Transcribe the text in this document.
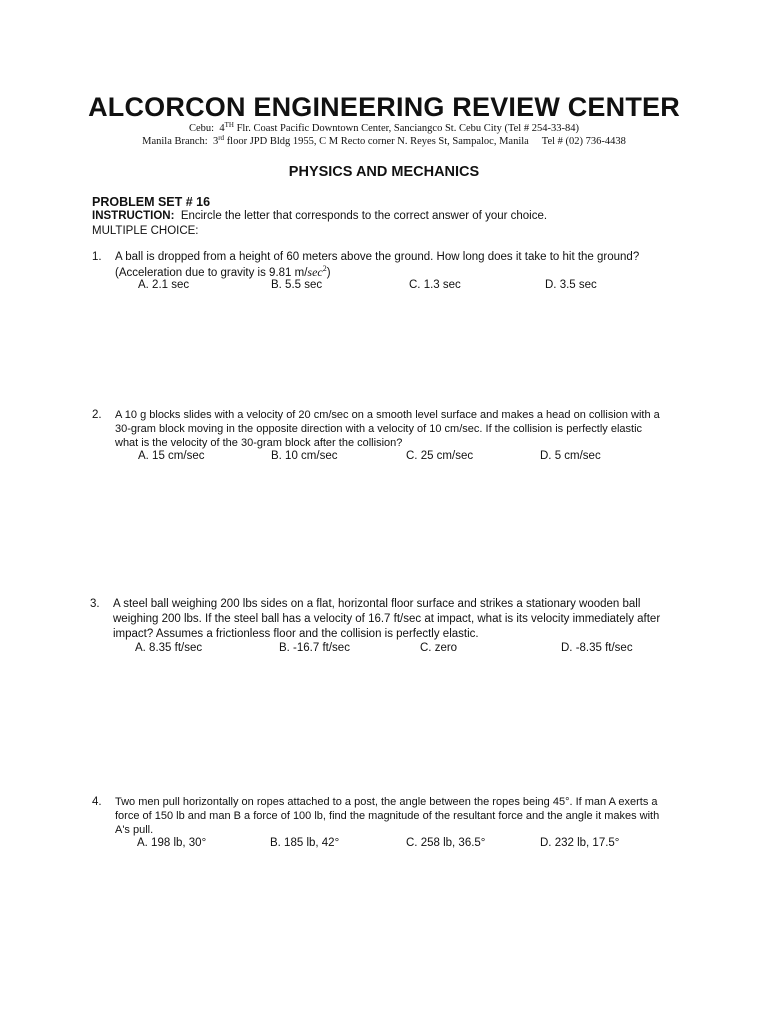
ALCORCON ENGINEERING REVIEW CENTER
Cebu: 4TH Flr. Coast Pacific Downtown Center, Sanciangco St. Cebu City (Tel # 254-33-84)
Manila Branch: 3rd floor JPD Bldg 1955, C M Recto corner N. Reyes St, Sampaloc, Manila Tel # (02) 736-4438
PHYSICS AND MECHANICS
PROBLEM SET # 16
INSTRUCTION: Encircle the letter that corresponds to the correct answer of your choice.
MULTIPLE CHOICE:
1. A ball is dropped from a height of 60 meters above the ground. How long does it take to hit the ground?
(Acceleration due to gravity is 9.81 $m/\sec^2$)
A. 2.1 sec	B. 5.5 sec	C. 1.3 sec	D. 3.5 sec
2. A 10 g blocks slides with a velocity of 20 cm/sec on a smooth level surface and makes a head on collision with a
30-gram block moving in the opposite direction with a velocity of 10 cm/sec. If the collision is perfectly elastic
what is the velocity of the 30-gram block after the collision?
A. 15 cm/sec	B. 10 cm/sec	C. 25 cm/sec	D. 5 cm/sec
3. A steel ball weighing 200 lbs sides on a flat, horizontal floor surface and strikes a stationary wooden ball
weighing 200 lbs. If the steel ball has a velocity of 16.7 ft/sec at impact, what is its velocity immediately after
impact? Assumes a frictionless floor and the collision is perfectly elastic.
A. 8.35 ft/sec	B. -16.7 ft/sec	C. zero	D. -8.35 ft/sec
4. Two men pull horizontally on ropes attached to a post, the angle between the ropes being 45°. If man A exerts a
force of 150 lb and man B a force of 100 lb, find the magnitude of the resultant force and the angle it makes with
A's pull.
A. 198 lb, 30°	B. 185 lb, 42°	C. 258 lb, 36.5°	D. 232 lb, 17.5°
